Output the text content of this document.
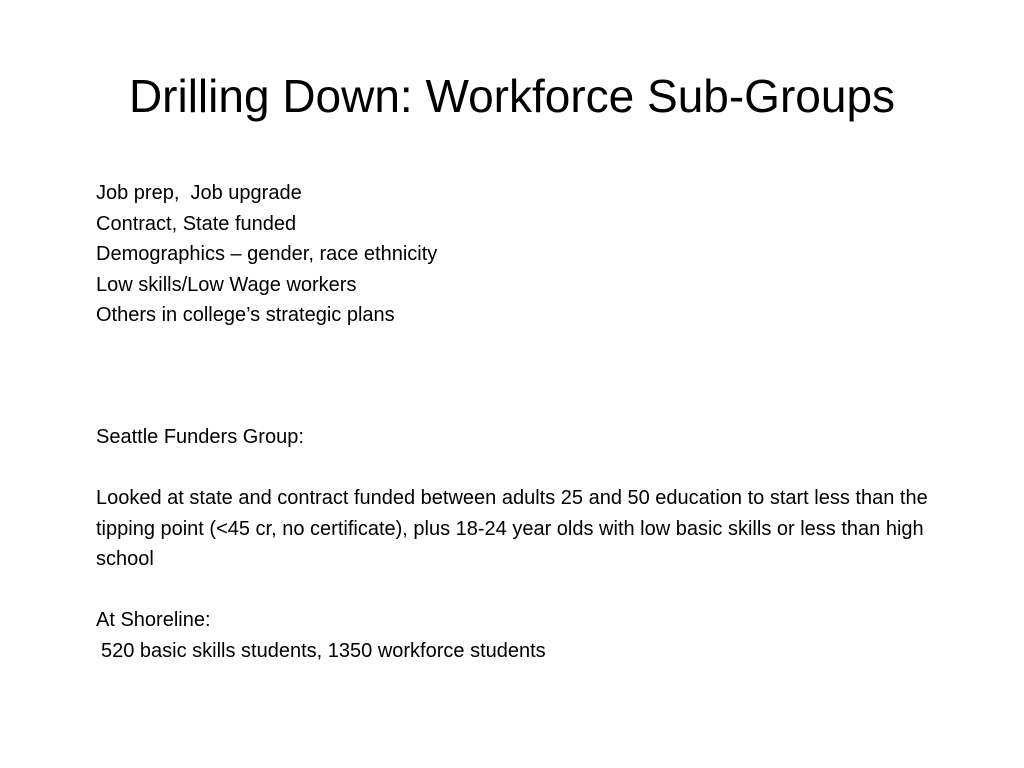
Drilling Down: Workforce Sub-Groups
Job prep,  Job upgrade
Contract, State funded
Demographics – gender, race ethnicity
Low skills/Low Wage workers
Others in college’s strategic plans
Seattle Funders Group:
Looked at state and contract funded between adults 25 and 50 education to start less than the tipping point (<45 cr, no certificate), plus 18-24 year olds with low basic skills or less than high school
At Shoreline:
520 basic skills students, 1350 workforce students
